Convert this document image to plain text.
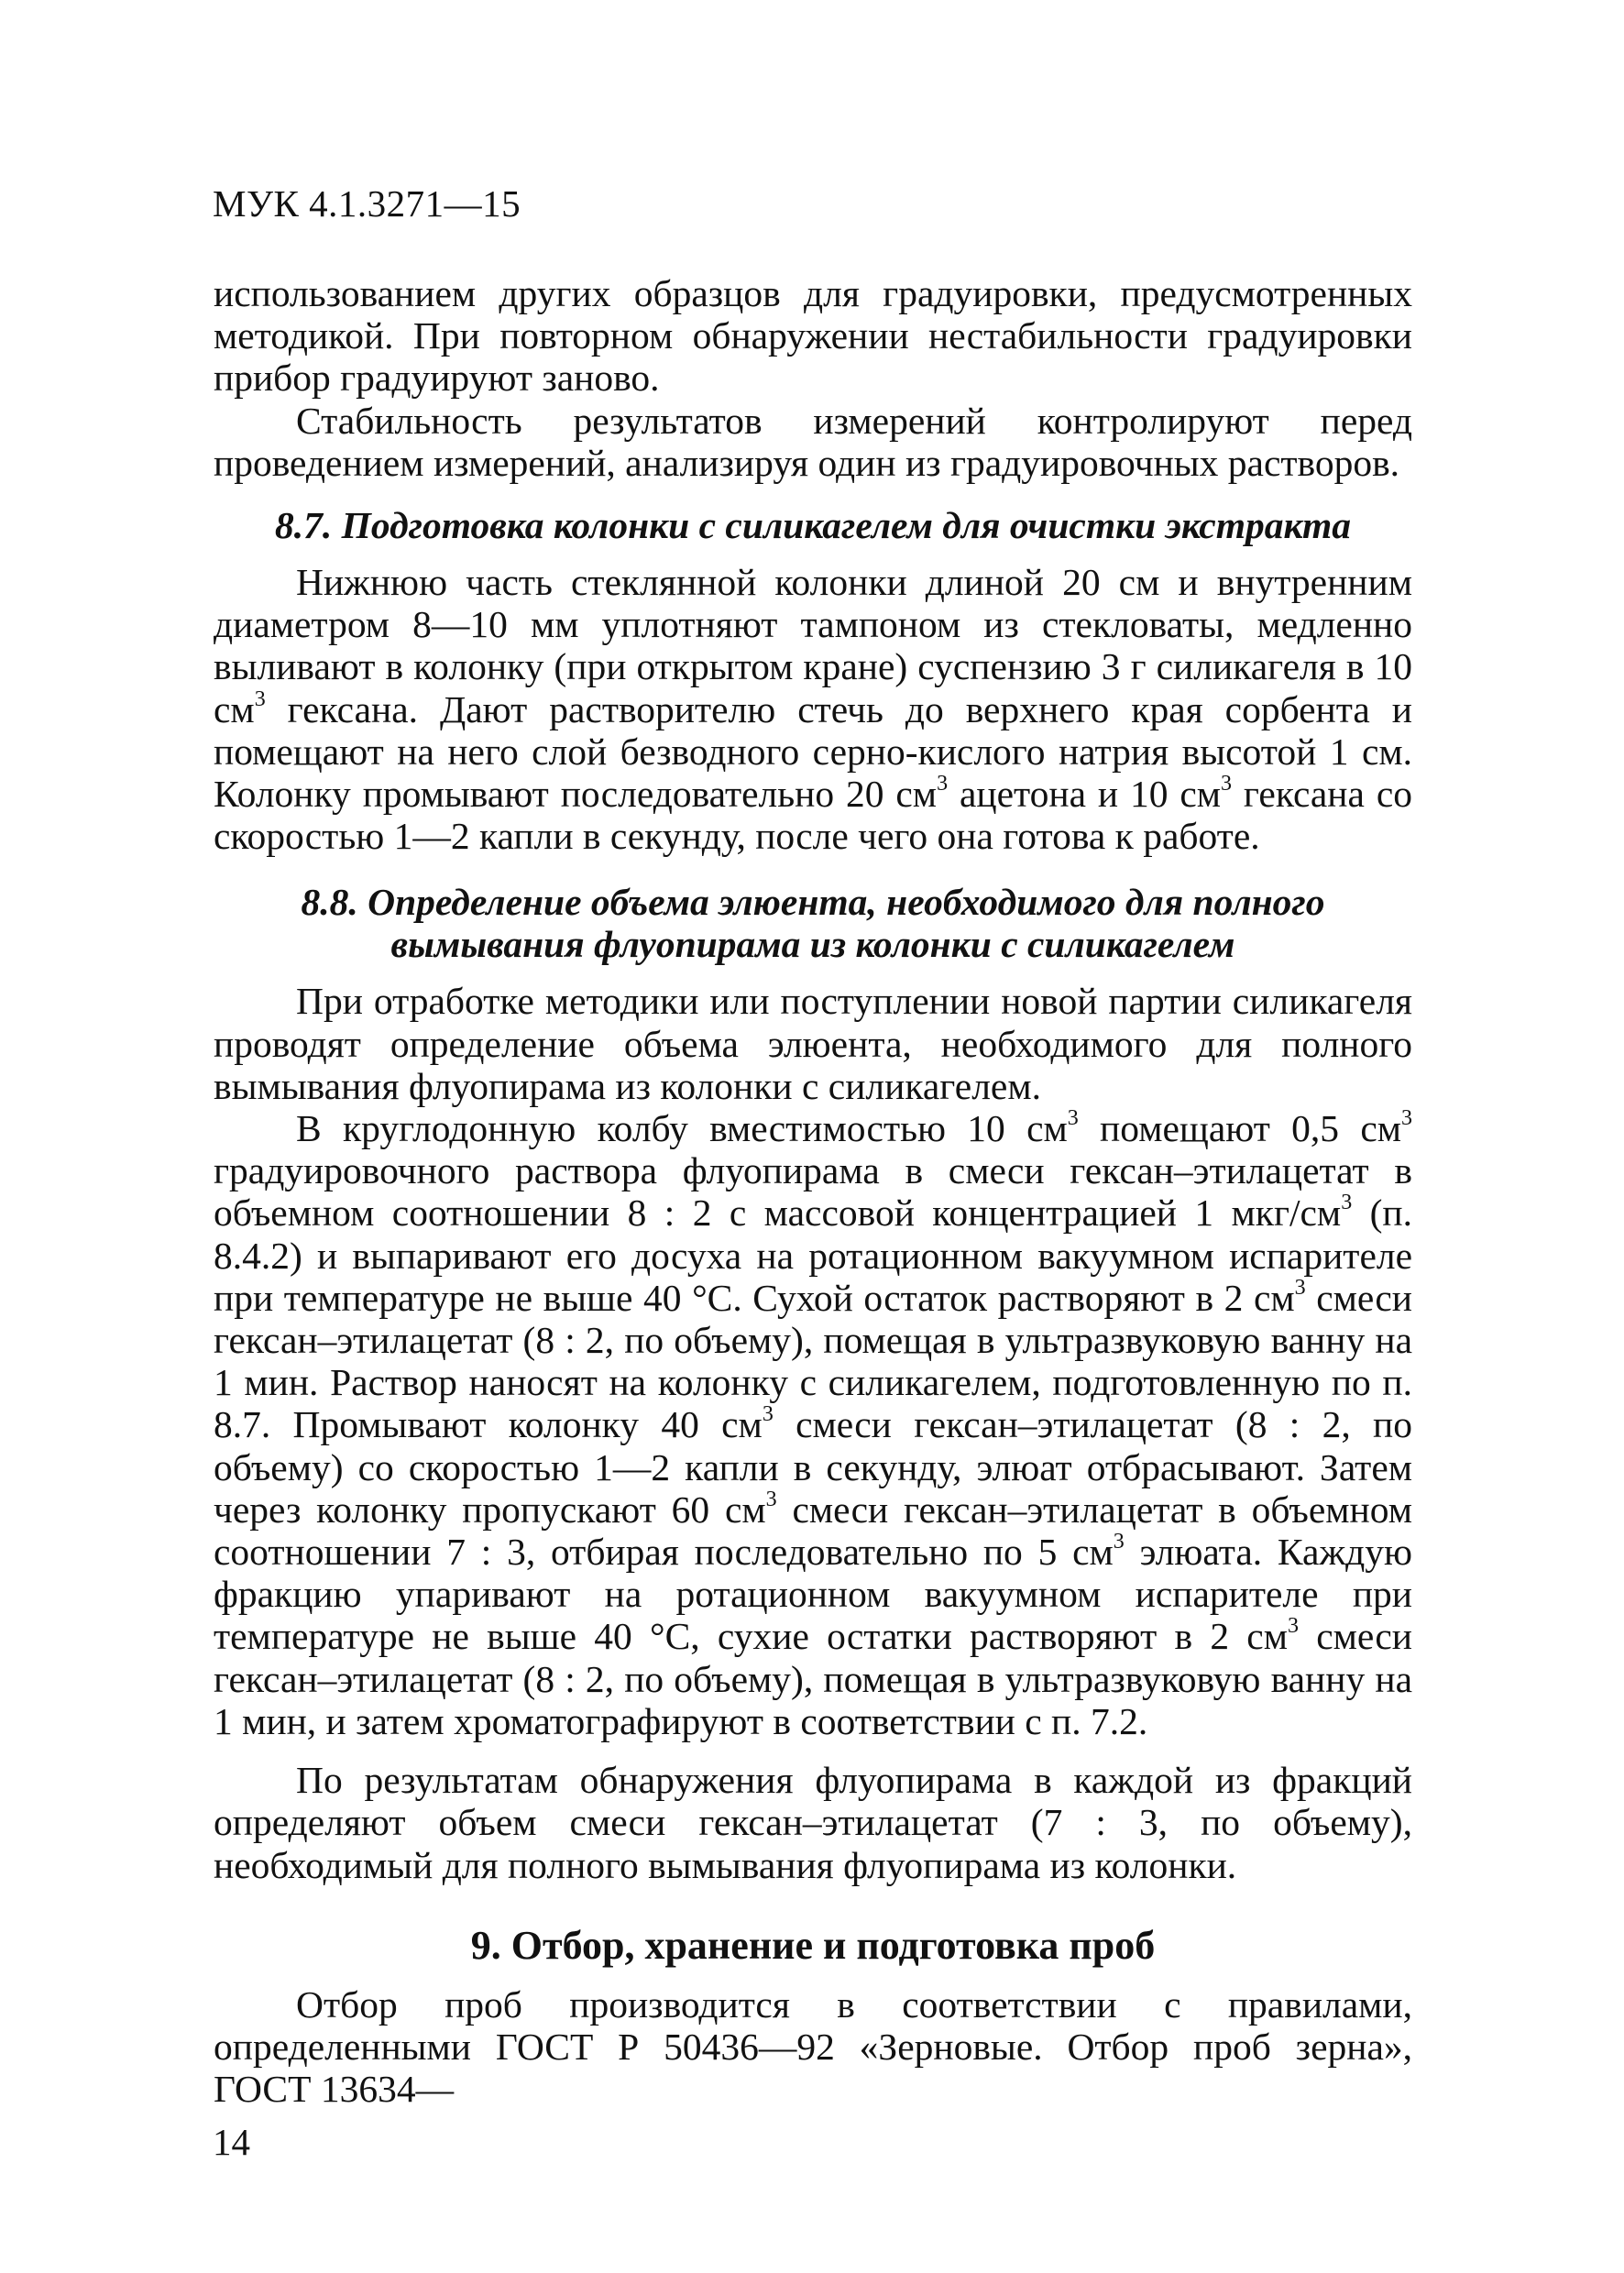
МУК 4.1.3271—15

использованием других образцов для градуировки, предусмотренных методикой. При повторном обнаружении нестабильности градуировки прибор градуируют заново.

Стабильность результатов измерений контролируют перед проведением измерений, анализируя один из градуировочных растворов.

8.7. Подготовка колонки с силикагелем для очистки экстракта

Нижнюю часть стеклянной колонки длиной 20 см и внутренним диаметром 8—10 мм уплотняют тампоном из стекловаты, медленно выливают в колонку (при открытом кране) суспензию 3 г силикагеля в 10 $см^3$ гексана. Дают растворителю стечь до верхнего края сорбента и помещают на него слой безводного серно-кислого натрия высотой 1 см. Колонку промывают последовательно 20 $см^3$ ацетона и 10 $см^3$ гексана со скоростью 1—2 капли в секунду, после чего она готова к работе.

8.8. Определение объема элюента, необходимого для полного
вымывания флуопирама из колонки с силикагелем

При отработке методики или поступлении новой партии силикагеля проводят определение объема элюента, необходимого для полного вымывания флуопирама из колонки с силикагелем.

В круглодонную колбу вместимостью 10 $см^3$ помещают 0,5 $см^3$ градуировочного раствора флуопирама в смеси гексан–этилацетат в объемном соотношении 8 : 2 с массовой концентрацией 1 мкг/$см^3$ (п. 8.4.2) и выпаривают его досуха на ротационном вакуумном испарителе при температуре не выше 40 °С. Сухой остаток растворяют в 2 $см^3$ смеси гексан–этилацетат (8 : 2, по объему), помещая в ультразвуковую ванну на 1 мин. Раствор наносят на колонку с силикагелем, подготовленную по п. 8.7. Промывают колонку 40 $см^3$ смеси гексан–этилацетат (8 : 2, по объему) со скоростью 1—2 капли в секунду, элюат отбрасывают. Затем через колонку пропускают 60 $см^3$ смеси гексан–этилацетат в объемном соотношении 7 : 3, отбирая последовательно по 5 $см^3$ элюата. Каждую фракцию упаривают на ротационном вакуумном испарителе при температуре не выше 40 °С, сухие остатки растворяют в 2 $см^3$ смеси гексан–этилацетат (8 : 2, по объему), помещая в ультразвуковую ванну на 1 мин, и затем хроматографируют в соответствии с п. 7.2.

По результатам обнаружения флуопирама в каждой из фракций определяют объем смеси гексан–этилацетат (7 : 3, по объему), необходимый для полного вымывания флуопирама из колонки.

9. Отбор, хранение и подготовка проб

Отбор проб производится в соответствии с правилами, определенными ГОСТ Р 50436—92 «Зерновые. Отбор проб зерна», ГОСТ 13634—

14
